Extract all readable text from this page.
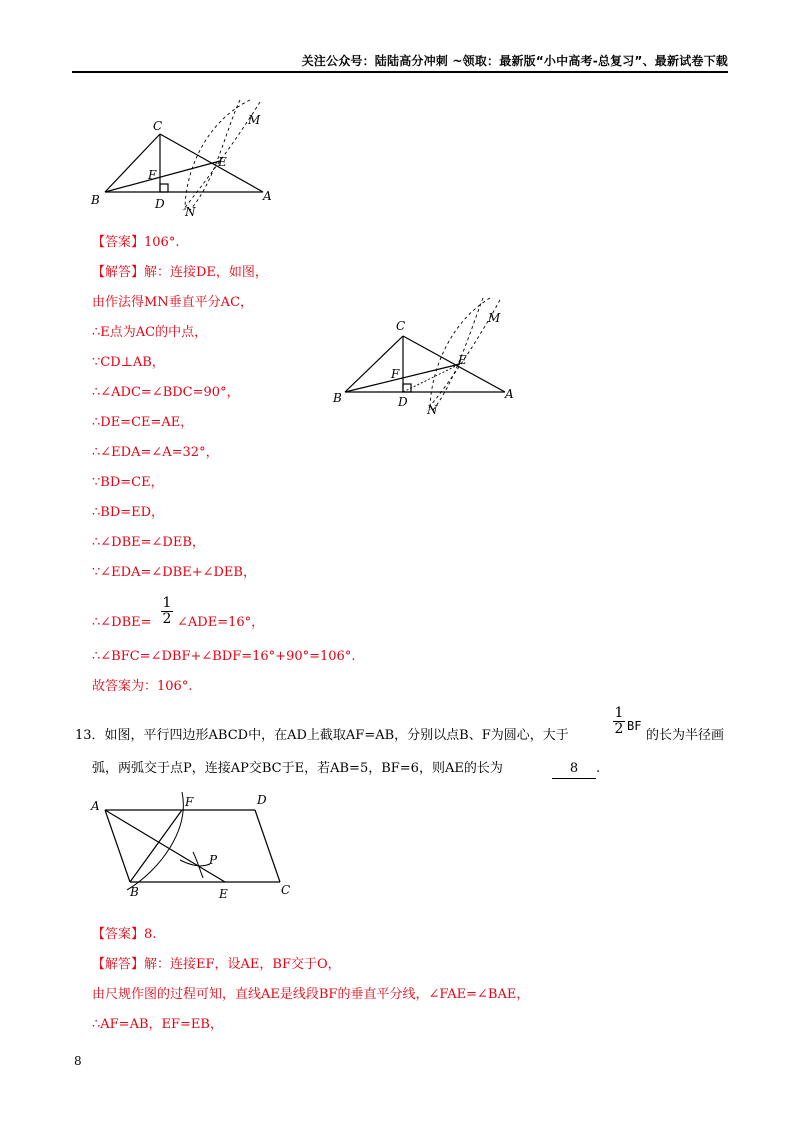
关注公众号：陆陆高分冲刺 ~领取：最新版“小中高考-总复习”、最新试卷下载
C	M
E
F
B	D
N
A
【答案】106°.
【解答】解：连接DE，如图，
由作法得MN垂直平分AC，
∴E点为AC的中点，
∵CD⊥AB，
∴∠ADC=∠BDC=90°，
∴DE=CE=AE，
∴∠EDA=∠A=32°，
∵BD=CE，
∴BD=ED，
∴∠DBE=∠DEB，
∵∠EDA=∠DBE+∠DEB，
C
M
E
F
B	D
N
A
∴∠DBE=
1
2 ∠ADE=16°，
∴∠BFC=∠DBF+∠BDF=16°+90°=106°.
故答案为：106°.
13．如图，平行四边形ABCD中，在AD上截取AF=AB，分别以点B、F为圆心，大于
1
2 BF
的长为半径画
弧，两弧交于点P，连接AP交BC于E，若AB=5，BF=6，则AE的长为	8 .
A	F	D
P
B	E	C
【答案】8.
【解答】解：连接EF，设AE，BF交于O，
由尺规作图的过程可知，直线AE是线段BF的垂直平分线，∠FAE=∠BAE，
∴AF=AB，EF=EB，
8
